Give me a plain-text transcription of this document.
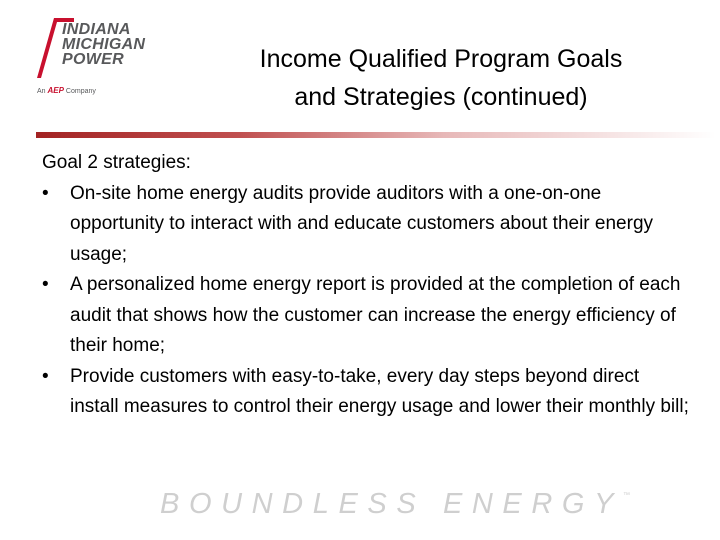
INDIANA
MICHIGAN
POWER
An AEP Company
Income Qualified Program Goals
and Strategies (continued)
Goal 2 strategies:
• On-site home energy audits provide auditors with a one-on-one opportunity to interact with and educate customers about their energy usage;
• A personalized home energy report is provided at the completion of each audit that shows how the customer can increase the energy efficiency of their home;
• Provide customers with easy-to-take, every day steps beyond direct install measures to control their energy usage and lower their monthly bill;
BOUNDLESS ENERGY™
